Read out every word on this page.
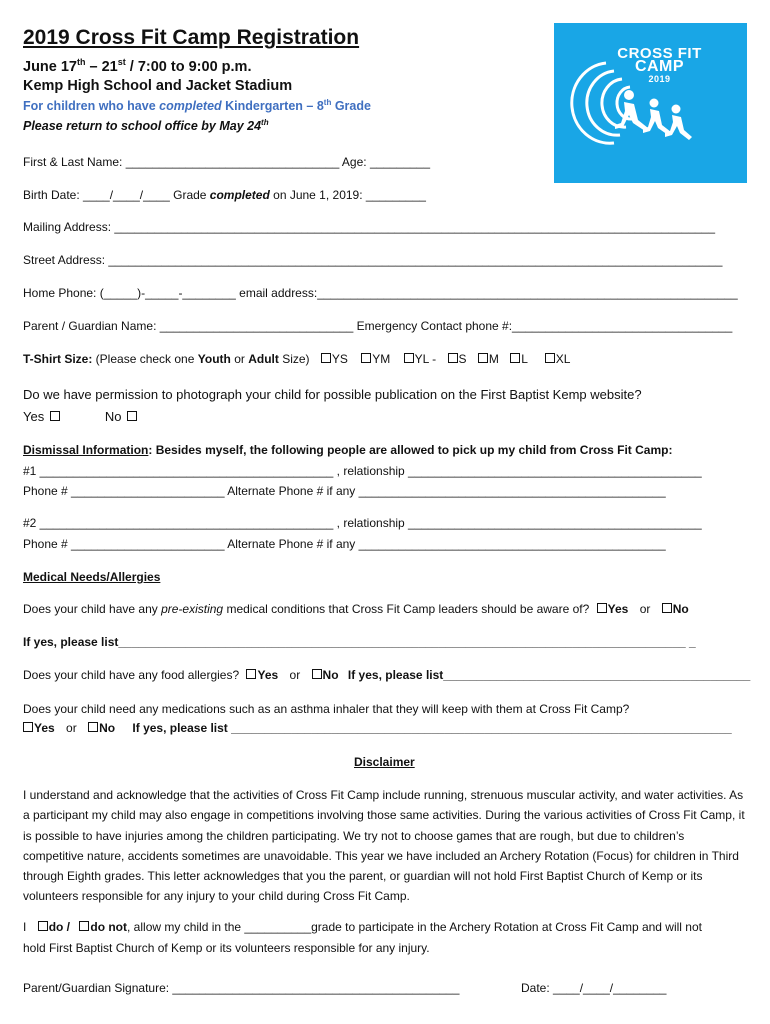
2019 Cross Fit Camp Registration
June 17th – 21st / 7:00 to 9:00 p.m.
Kemp High School and Jacket Stadium
For children who have completed Kindergarten – 8th Grade
Please return to school office by May 24th
CROSS FIT
CAMP
2019
First & Last Name: ________________________________ Age: _________
Birth Date: ____/____/____ Grade completed on June 1, 2019: _________
Mailing Address: __________________________________________________________________________________________
Street Address: ____________________________________________________________________________________________
Home Phone: (_____)-_____-________ email address:_______________________________________________________________
Parent / Guardian Name: _____________________________ Emergency Contact phone #:_________________________________
T-Shirt Size: (Please check one Youth or Adult Size) YS YM YL - S M L XL
Do we have permission to photograph your child for possible publication on the First Baptist Kemp website?
Yes	No
Dismissal Information: Besides myself, the following people are allowed to pick up my child from Cross Fit Camp:
#1 ____________________________________________ , relationship ____________________________________________
Phone # _______________________ Alternate Phone # if any ______________________________________________
#2 ____________________________________________ , relationship ____________________________________________
Phone # _______________________ Alternate Phone # if any ______________________________________________
Medical Needs/Allergies
Does your child have any pre-existing medical conditions that Cross Fit Camp leaders should be aware of? Yes or No
If yes, please list_____________________________________________________________________________________ _
Does your child have any food allergies? Yes or No If yes, please list______________________________________________
Does your child need any medications such as an asthma inhaler that they will keep with them at Cross Fit Camp?
Yes or No If yes, please list ___________________________________________________________________________
Disclaimer
I understand and acknowledge that the activities of Cross Fit Camp include running, strenuous muscular activity, and water activities. As a participant my child may also engage in competitions involving those same activities. During the various activities of Cross Fit Camp, it is possible to have injuries among the children participating. We try not to choose games that are rough, but due to children’s competitive nature, accidents sometimes are unavoidable. This year we have included an Archery Rotation (Focus) for children in Third through Eighth grades. This letter acknowledges that you the parent, or guardian will not hold First Baptist Church of Kemp or its volunteers responsible for any injury to your child during Cross Fit Camp.
I do / do not, allow my child in the __________grade to participate in the Archery Rotation at Cross Fit Camp and will not
hold First Baptist Church of Kemp or its volunteers responsible for any injury.
Parent/Guardian Signature: ___________________________________________	Date: ____/____/________
